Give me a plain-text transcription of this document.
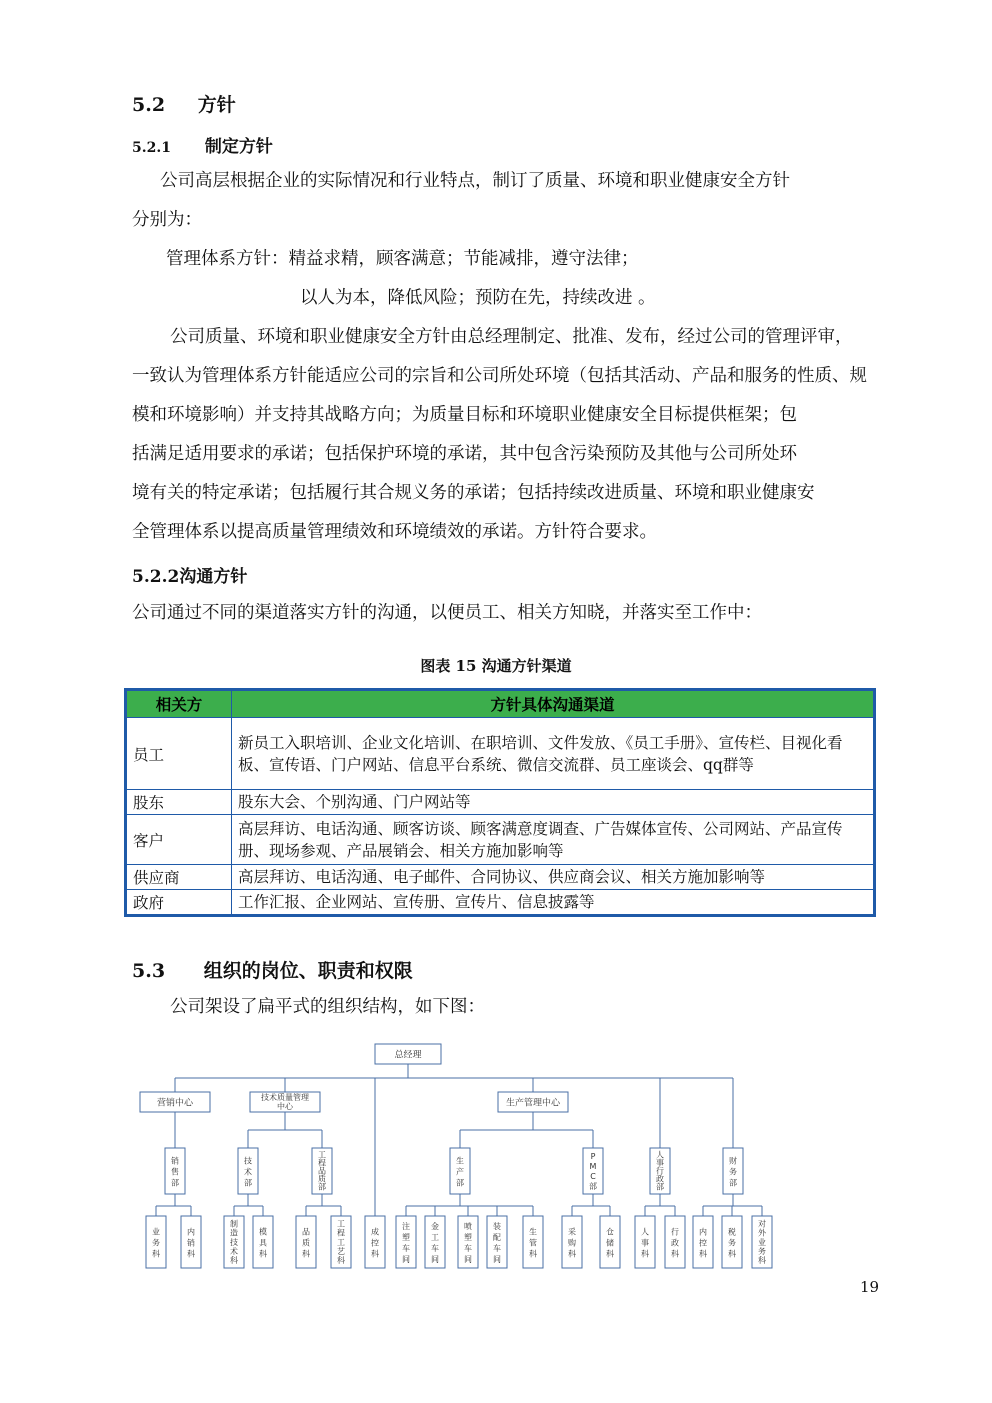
5.2 方针
5.2.1 制定方针
公司高层根据企业的实际情况和行业特点，制订了质量、环境和职业健康安全方针
分别为：
管理体系方针：精益求精，顾客满意；节能减排，遵守法律；
以人为本，降低风险；预防在先，持续改进 。
公司质量、环境和职业健康安全方针由总经理制定、批准、发布，经过公司的管理评审，
一致认为管理体系方针能适应公司的宗旨和公司所处环境（包括其活动、产品和服务的性质、规
模和环境影响）并支持其战略方向；为质量目标和环境职业健康安全目标提供框架；包
括满足适用要求的承诺；包括保护环境的承诺，其中包含污染预防及其他与公司所处环
境有关的特定承诺；包括履行其合规义务的承诺；包括持续改进质量、环境和职业健康安
全管理体系以提高质量管理绩效和环境绩效的承诺。方针符合要求。
5.2.2沟通方针
公司通过不同的渠道落实方针的沟通，以便员工、相关方知晓，并落实至工作中：
图表 15 沟通方针渠道
相关方	方针具体沟通渠道
员工	新员工入职培训、企业文化培训、在职培训、文件发放、《员工手册》、宣传栏、目视化看板、宣传语、门户网站、信息平台系统、微信交流群、员工座谈会、qq群等
股东	股东大会、个别沟通、门户网站等
客户	高层拜访、电话沟通、顾客访谈、顾客满意度调查、广告媒体宣传、公司网站、产品宣传册、现场参观、产品展销会、相关方施加影响等
供应商	高层拜访、电话沟通、电子邮件、合同协议、供应商会议、相关方施加影响等
政府	工作汇报、企业网站、宣传册、宣传片、信息披露等
5.3 组织的岗位、职责和权限
公司架设了扁平式的组织结构，如下图：
总经理
营销中心
技术质量管理
中心	生产管理中心
销
售
部
技
术
部
工
程
品
质
部
生
产
部
P
M
C
部
人
事
行
政
部
财
务
部
业
务
科
内
销
科
制
造
技
术
科
模
具
科
品
质
科
工
程
工
艺
科
成
控
科
注
塑
车
间
金
工
车
间
喷
塑
车
间
装
配
车
间
生
管
科
采
购
科
仓
储
科
人
事
科
行
政
科
内
控
科
税
务
科
对
外
业
务
科
19
